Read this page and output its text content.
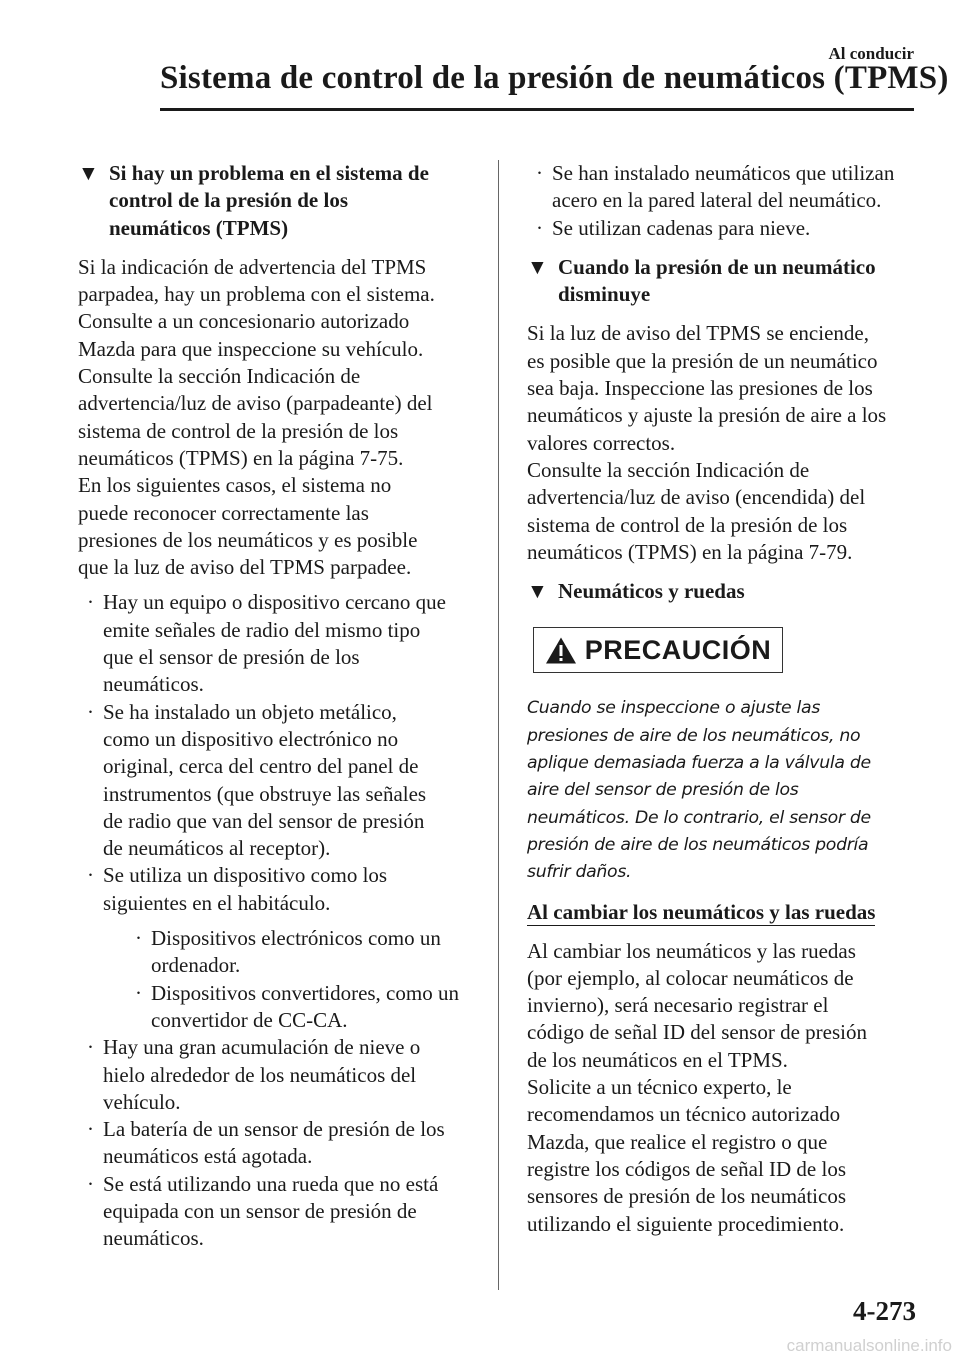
Al conducir
Sistema de control de la presión de neumáticos (TPMS)
▼ Si hay un problema en el sistema de
control de la presión de los
neumáticos (TPMS)

Si la indicación de advertencia del TPMS
parpadea, hay un problema con el sistema.
Consulte a un concesionario autorizado
Mazda para que inspeccione su vehículo.
Consulte la sección Indicación de
advertencia/luz de aviso (parpadeante) del
sistema de control de la presión de los
neumáticos (TPMS) en la página 7-75.
En los siguientes casos, el sistema no
puede reconocer correctamente las
presiones de los neumáticos y es posible
que la luz de aviso del TPMS parpadee.

· Hay un equipo o dispositivo cercano que
emite señales de radio del mismo tipo
que el sensor de presión de los
neumáticos.
· Se ha instalado un objeto metálico,
como un dispositivo electrónico no
original, cerca del centro del panel de
instrumentos (que obstruye las señales
de radio que van del sensor de presión
de neumáticos al receptor).
· Se utiliza un dispositivo como los
siguientes en el habitáculo.
· Dispositivos electrónicos como un
ordenador.
· Dispositivos convertidores, como un
convertidor de CC-CA.
· Hay una gran acumulación de nieve o
hielo alrededor de los neumáticos del
vehículo.
· La batería de un sensor de presión de los
neumáticos está agotada.
· Se está utilizando una rueda que no está
equipada con un sensor de presión de
neumáticos.
· Se han instalado neumáticos que utilizan
acero en la pared lateral del neumático.
· Se utilizan cadenas para nieve.
▼ Cuando la presión de un neumático
disminuye

Si la luz de aviso del TPMS se enciende,
es posible que la presión de un neumático
sea baja. Inspeccione las presiones de los
neumáticos y ajuste la presión de aire a los
valores correctos.
Consulte la sección Indicación de
advertencia/luz de aviso (encendida) del
sistema de control de la presión de los
neumáticos (TPMS) en la página 7-79.

▼ Neumáticos y ruedas
PRECAUCIÓN

Cuando se inspeccione o ajuste las
presiones de aire de los neumáticos, no
aplique demasiada fuerza a la válvula de
aire del sensor de presión de los
neumáticos. De lo contrario, el sensor de
presión de aire de los neumáticos podría
sufrir daños.

Al cambiar los neumáticos y las ruedas

Al cambiar los neumáticos y las ruedas
(por ejemplo, al colocar neumáticos de
invierno), será necesario registrar el
código de señal ID del sensor de presión
de los neumáticos en el TPMS.
Solicite a un técnico experto, le
recomendamos un técnico autorizado
Mazda, que realice el registro o que
registre los códigos de señal ID de los
sensores de presión de los neumáticos
utilizando el siguiente procedimiento.

4-273
carmanualsonline.info
